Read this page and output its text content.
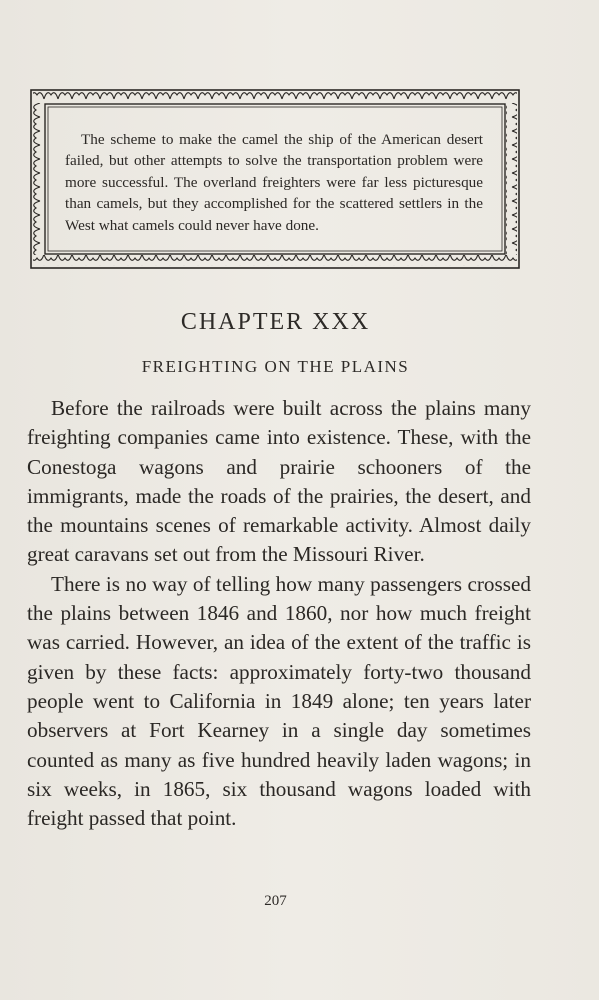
The scheme to make the camel the ship of the American desert failed, but other attempts to solve the transportation problem were more successful. The overland freighters were far less picturesque than camels, but they accomplished for the scattered settlers in the West what camels could never have done.

CHAPTER XXX
FREIGHTING ON THE PLAINS

Before the railroads were built across the plains many freighting companies came into existence. These, with the Conestoga wagons and prairie schooners of the immigrants, made the roads of the prairies, the desert, and the mountains scenes of remarkable activity. Almost daily great caravans set out from the Missouri River.

There is no way of telling how many passengers crossed the plains between 1846 and 1860, nor how much freight was carried. However, an idea of the extent of the traffic is given by these facts: approximately forty-two thousand people went to California in 1849 alone; ten years later observers at Fort Kearney in a single day sometimes counted as many as five hundred heavily laden wagons; in six weeks, in 1865, six thousand wagons loaded with freight passed that point.

207
